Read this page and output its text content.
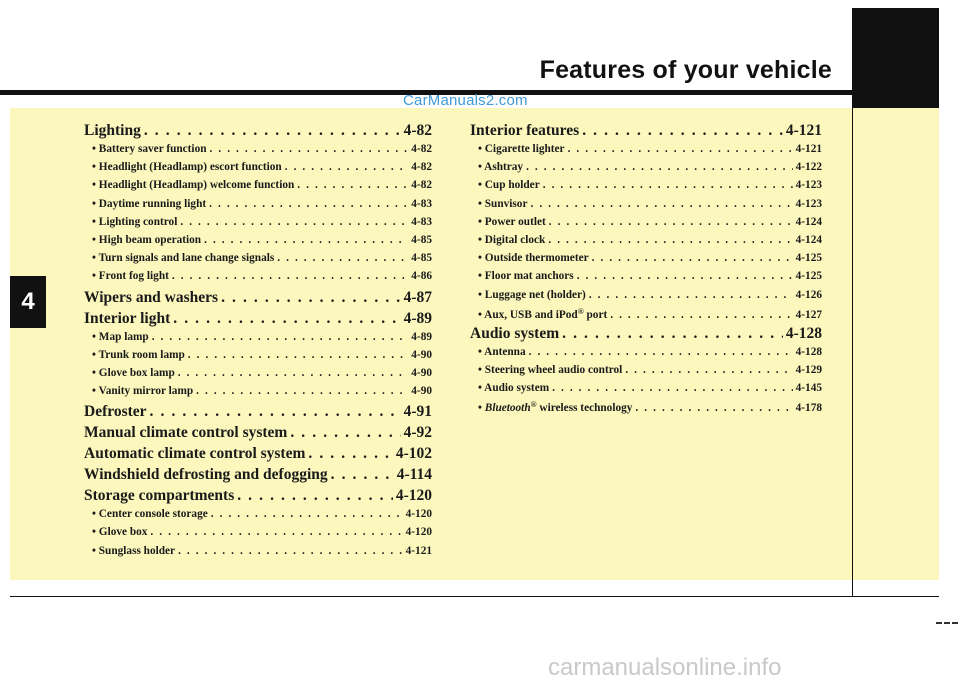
Features of your vehicle
CarManuals2.com
4
Lighting . . .	4-82
• Battery saver function . . .	4-82
• Headlight (Headlamp) escort function . . .	4-82
• Headlight (Headlamp) welcome function . . .	4-82
• Daytime running light . . .	4-83
• Lighting control . . .	4-83
• High beam operation . . .	4-85
• Turn signals and lane change signals . . .	4-85
• Front fog light . . .	4-86
Wipers and washers . . .	4-87
Interior light . . .	4-89
• Map lamp . . .	4-89
• Trunk room lamp . . .	4-90
• Glove box lamp . . .	4-90
• Vanity mirror lamp . . .	4-90
Defroster . . .	4-91
Manual climate control system . . .	4-92
Automatic climate control system . . .	4-102
Windshield defrosting and defogging . . .	4-114
Storage compartments . . .	4-120
• Center console storage . . .	4-120
• Glove box . . .	4-120
• Sunglass holder . . .	4-121
Interior features . . .	4-121
• Cigarette lighter . . .	4-121
• Ashtray . . .	4-122
• Cup holder . . .	4-123
• Sunvisor . . .	4-123
• Power outlet . . .	4-124
• Digital clock . . .	4-124
• Outside thermometer . . .	4-125
• Floor mat anchors . . .	4-125
• Luggage net (holder) . . .	4-126
• Aux, USB and iPod® port . . .	4-127
Audio system . . .	4-128
• Antenna . . .	4-128
• Steering wheel audio control . . .	4-129
• Audio system . . .	4-145
• Bluetooth® wireless technology . . .	4-178
carmanualsonline.info
